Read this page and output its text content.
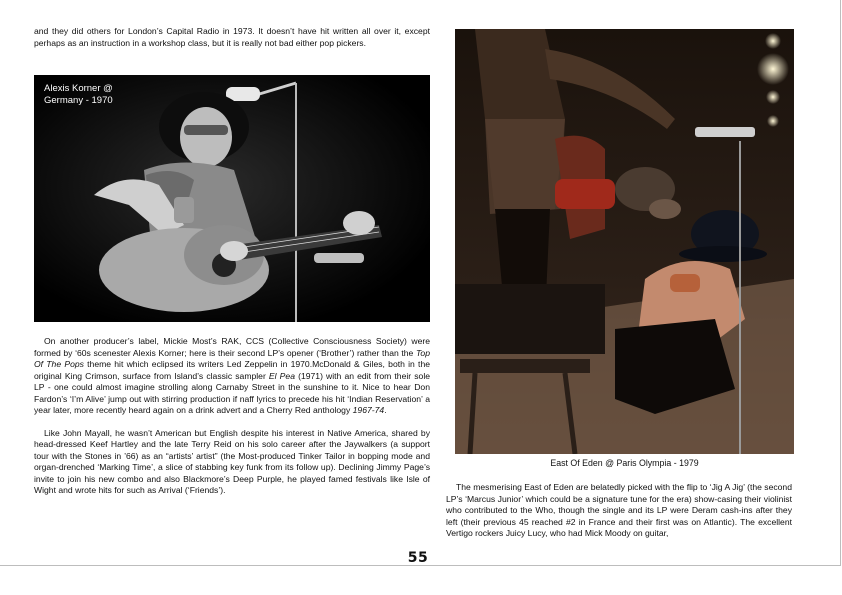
and they did others for London’s Capital Radio in 1973. It doesn’t have hit written all over it, except perhaps as an instruction in a workshop class, but it is really not bad either pop pickers.

Alexis Korner @
Germany - 1970

On another producer’s label, Mickie Most’s RAK, CCS (Collective Consciousness Society) were formed by ‘60s scenester Alexis Korner; here is their second LP’s opener (‘Brother’) rather than the Top Of The Pops theme hit which eclipsed its writers Led Zeppelin in 1970.McDonald & Giles, both in the original King Crimson, surface from Island’s classic sampler El Pea (1971) with an edit from their sole LP - one could almost imagine strolling along Carnaby Street in the sunshine to it. Nice to hear Don Fardon’s ‘I’m Alive’ jump out with stirring production if naff lyrics to precede his hit ‘Indian Reservation’ a year later, more recently heard again on a drink advert and a Cherry Red anthology 1967-74.

Like John Mayall, he wasn’t American but English despite his interest in Native America, shared by head-dressed Keef Hartley and the late Terry Reid on his solo career after the Jaywalkers (a support tour with the Stones in ’66) as an “artists’ artist” (the Most-produced Tinker Tailor in bopping mode and organ-drenched ‘Marking Time’, a slice of stabbing key funk from its follow up). Declining Jimmy Page’s invite to join his new combo and also Blackmore’s Deep Purple, he played famed festivals like Isle of Wight and wrote hits for such as Arrival (‘Friends’).

East Of Eden @ Paris Olympia - 1979

The mesmerising East of Eden are belatedly picked with the flip to ‘Jig A Jig’ (the second LP’s ‘Marcus Junior’ which could be a signature tune for the era) show-casing their violinist who contributed to the Who, though the single and its LP were Deram cash-ins after they left (their previous 45 reached #2 in France and their first was on Atlantic). The excellent Vertigo rockers Juicy Lucy, who had Mick Moody on guitar,

55
